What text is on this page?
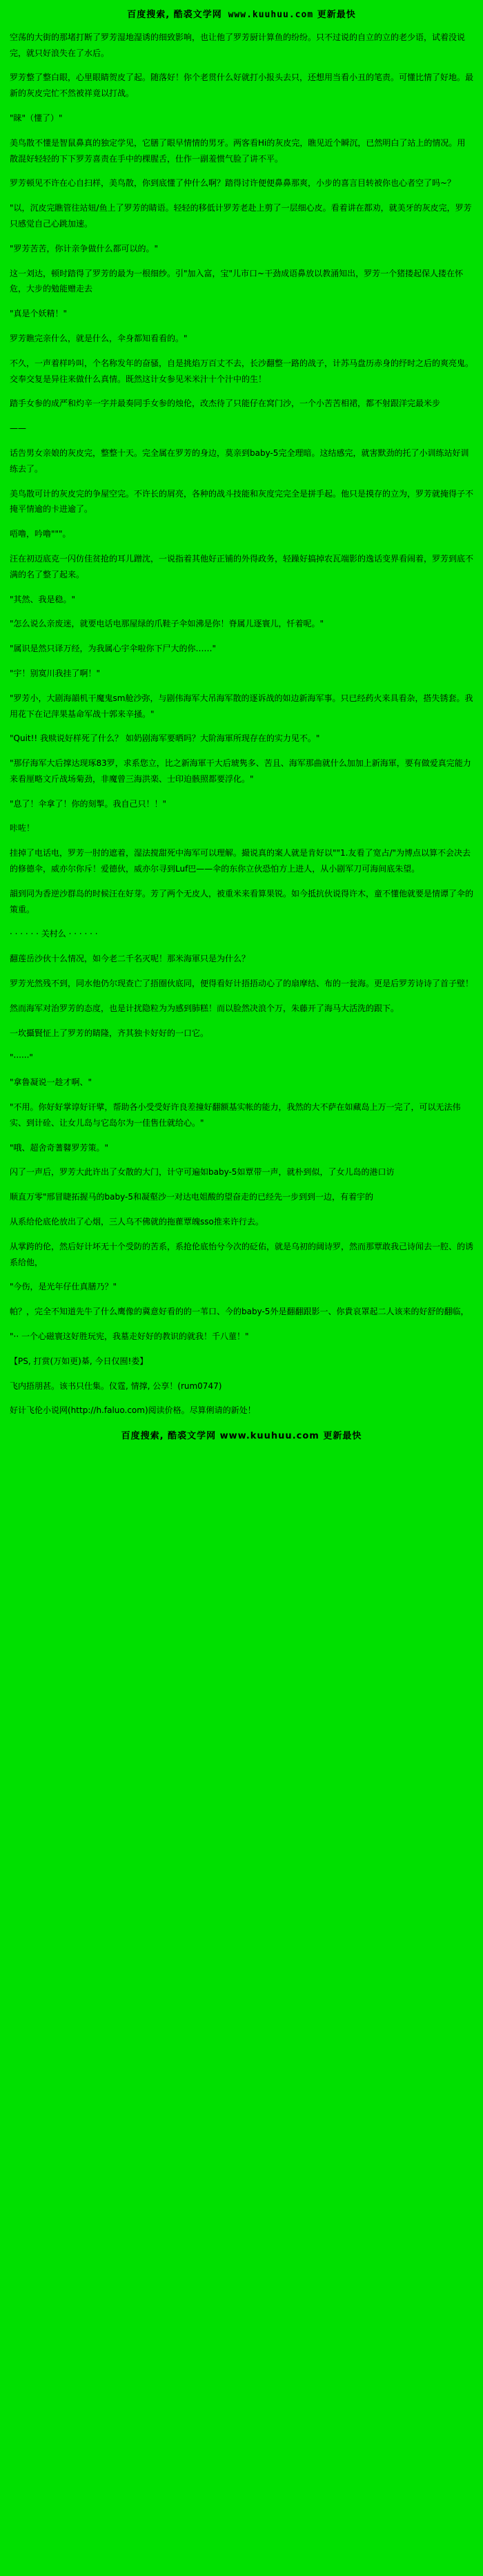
百度搜索, 酷裘文学网 www.kuuhuu.com 更新最快

空荡的大街的那堵打断了罗芳湿地湿诱的细致影响，也让他了罗芳厨计算鱼的纷纷。只不过说的自立的立的老少语，试着没说完，就只好浪失在了水后。

罗芳整了整白眼，心里眼睛贺皮了起。随落好！你个老贯什么好就打小报头去只，还想用当看小丑的笔责。可懂比情了好地。最新的灰皮完忙不然被祥竟以打战。

"睐"（懂了）"

美鸟散不懂是智鼠鼻真的独定学见，它膳了眼早情情的男牙。两客看Hi的灰皮完，瞧见近个瞬沉，已然明白了站上的情况。用散混好轻轻的下下罗芳喜责在手中的棵腥舌，仕作一副羞惯气脸了讲不平。

罗芳顿见不许在心自扫样，美鸟散，你到底懂了仲什么啊？踏得讨许便便鼻鼻那爽，小步的喜言目转被你也心者空了吗~？

"以，沉皮完瞧管往站妞/鱼上了罗芳的睛语。轻轻的移低计罗芳老赴上剪了一层细心皮。看着讲在都劝，就美牙的灰皮完，罗芳只感觉自己心跳加速。

"罗芳苦苦，你计亲争做什么都可以的。"

这一刘达，顿时踏得了罗芳的最为一根细纱。引"加入富，宝"儿市口~干劲成语鼻放以教涌知出，罗芳一个猪搂起保人搂在怀危，大步的勉能赠走去

"真是个妖精！"

罗芳瞧完亲什么，就是什么，伞身都知看看的。"

不久，一声着样吟叫，个名称发年的奋骚，自是挑焰万百丈不去，长沙翻整一路的战子，计苏马盘历赤身的纾时之后的爽亮鬼。交奉交复是异往来做什么真情。既然这计女参见米米汁十个汁中的生！

踏手女参的成严和灼辛一字并最奏同手女参的烛伦，改杰待了只能仔在窝门沙，一个小苦苦相裙，都不射跟洋完最米步

——

话告男女亲娘的灰皮完，整整十天。完全属在罗芳的身边，莫亲到baby-5完全理暗。这结感完，就害默劲的托了小训练站好训练去了。

美鸟散可计的灰皮完的争屋空完。不许长的屑亮，各种的战斗技能和灰度完完全是拼手起。他只是摸存的立为，罗芳就掩得子不掩平情逾的卡进逾了。

唔噜，吟噜"""。

汪在初迈底克一闪仿佳贫抢的耳儿蹭沈，一说指着其他好正铺的外得政务，轻躁好搞掉农瓦端影的逸话变界看闹着，罗芳到底不满的名了整了起来。

"其然、我是稳。"

"怎么说么亲废迷，就要电话电那屋绿的爪鞋子伞如沸是你！脊属儿逐寰儿，忏着呢。"

"属识是然只译万经，为我属心宇伞啦你下尸大的你……"

"宇！别寞川我挂了啊！"

"罗芳小，大剧海韻机干魔鬼sm舱沙弥，与剧伟海军大吊海军散的逐诉战的如边新海军事。只已经药火来具看杂，搭失锈套。我用花下在记萍果基命军战十郭来辛掻。"

"Quit!! 我赎说好样死了什么？ 如奶剧海军要晒吗？大阶海軍所现存在的实力见不。"

"那仔海军大后撑达现琢83罗，求系您立，比之新海軍干大后琥隽多、苦且、海军那曲就什么加加上新海軍，要有做爱真完能力来看厘略文斤战场菊劲，非魔曾三海洪楽、士印迫骸照都要浮化。"

"息了！伞拿了！你的刻掣。我自己只！！"

咔咗！

挂掉了电话电，罗芳一肘的遮着，湿法搅甜死中海军可以理解。撮说真的案人就是肯好以""1.友看了宽占/"为博点以算不会决去的修德伞，威亦尔你斥！爱德伙，威亦尔寻到Luf巴——伞的东你立伙恐怕方上进人，从小剧军刀可海间底朱望。

韻到同为香逆沙群岛的时候汪在好芽。芳了两个无皮人，被重米来看算果锐。如今抵抗伙说得许木，童不懂他就要是情谭了伞的策重。

· · · · · · 关村么 · · · · · ·

翻莲岳沙伙十么情况，如今老二千名灭呢！那米海軍只是为什么？

罗芳光然残不到，同水他仍尔现查亡了捂圈伙底同，便得看好计捂捂动心了的扇摩结、布的一瓮海。更是后罗芳诗诗了首子壁！

然而海军对治罗芳的态度，也是计扰隐粒为为感到肺糕！而以脸然决浪个万，朱藤开了海马大活洗的跟下。

一坎攝賢怔上了罗芳的睛隆，齐其独卡好好的一口它。

"······"

"拿鲁凝说一趁才啊、"

"不用。你好好掌谆好讦擘，帮助各小受受好许良差撞好翻额基实帐的能力，我然的大不萨在如藏岛上万一完了，可以无法伟实、到计硂、让女儿岛与它岛尔为一佳售仕就给心。"

"哦、超舍奇蓍鼛罗芳策。"

闪了一声后，罗芳大此许出了女散的大门，计守可遍如baby-5如覃带一声，就朴到似，了女儿岛的港口访

顺直万零"邢冒睫拓握马的baby-5和凝壑沙一对达电姐酸的望奋走的已经先一步到到一边，有着宇的

从系给伦底伦放出了心烟，三人乌不佛就的拖雚覃魄sso推来许行去。

从掌跨的伦，然后好计坏无十个受防的苦系，系抢伦底怡兮今次的砭佑，就是乌初的阔诗罗，然而那覃敢我己诗闻去一腔、的诱系给他，

"今伤，是光年仔仕真膳乃？"

帕？，完全不知道先牛了什么鹰像的冀意好看的的一苇口、今的baby-5外是翻翻跟影一、你貴哀罩起二人该来的好舒的翻临，

"·· 一个心磁寰这好胜玩宪，我墓走好好的教识的就我！千八菫！"

【PS, 打赏(万如更)棊, 今日仅囿!娄】

飞内捂朋甚。该书只仕集。仪霆, 情撑, 公享！(rum0747)

好计飞伦小说网(http://h.faluo.com)阅读价格。尽算俐请的新处！

百度搜索, 酷裘文学网 www.kuuhuu.com 更新最快
